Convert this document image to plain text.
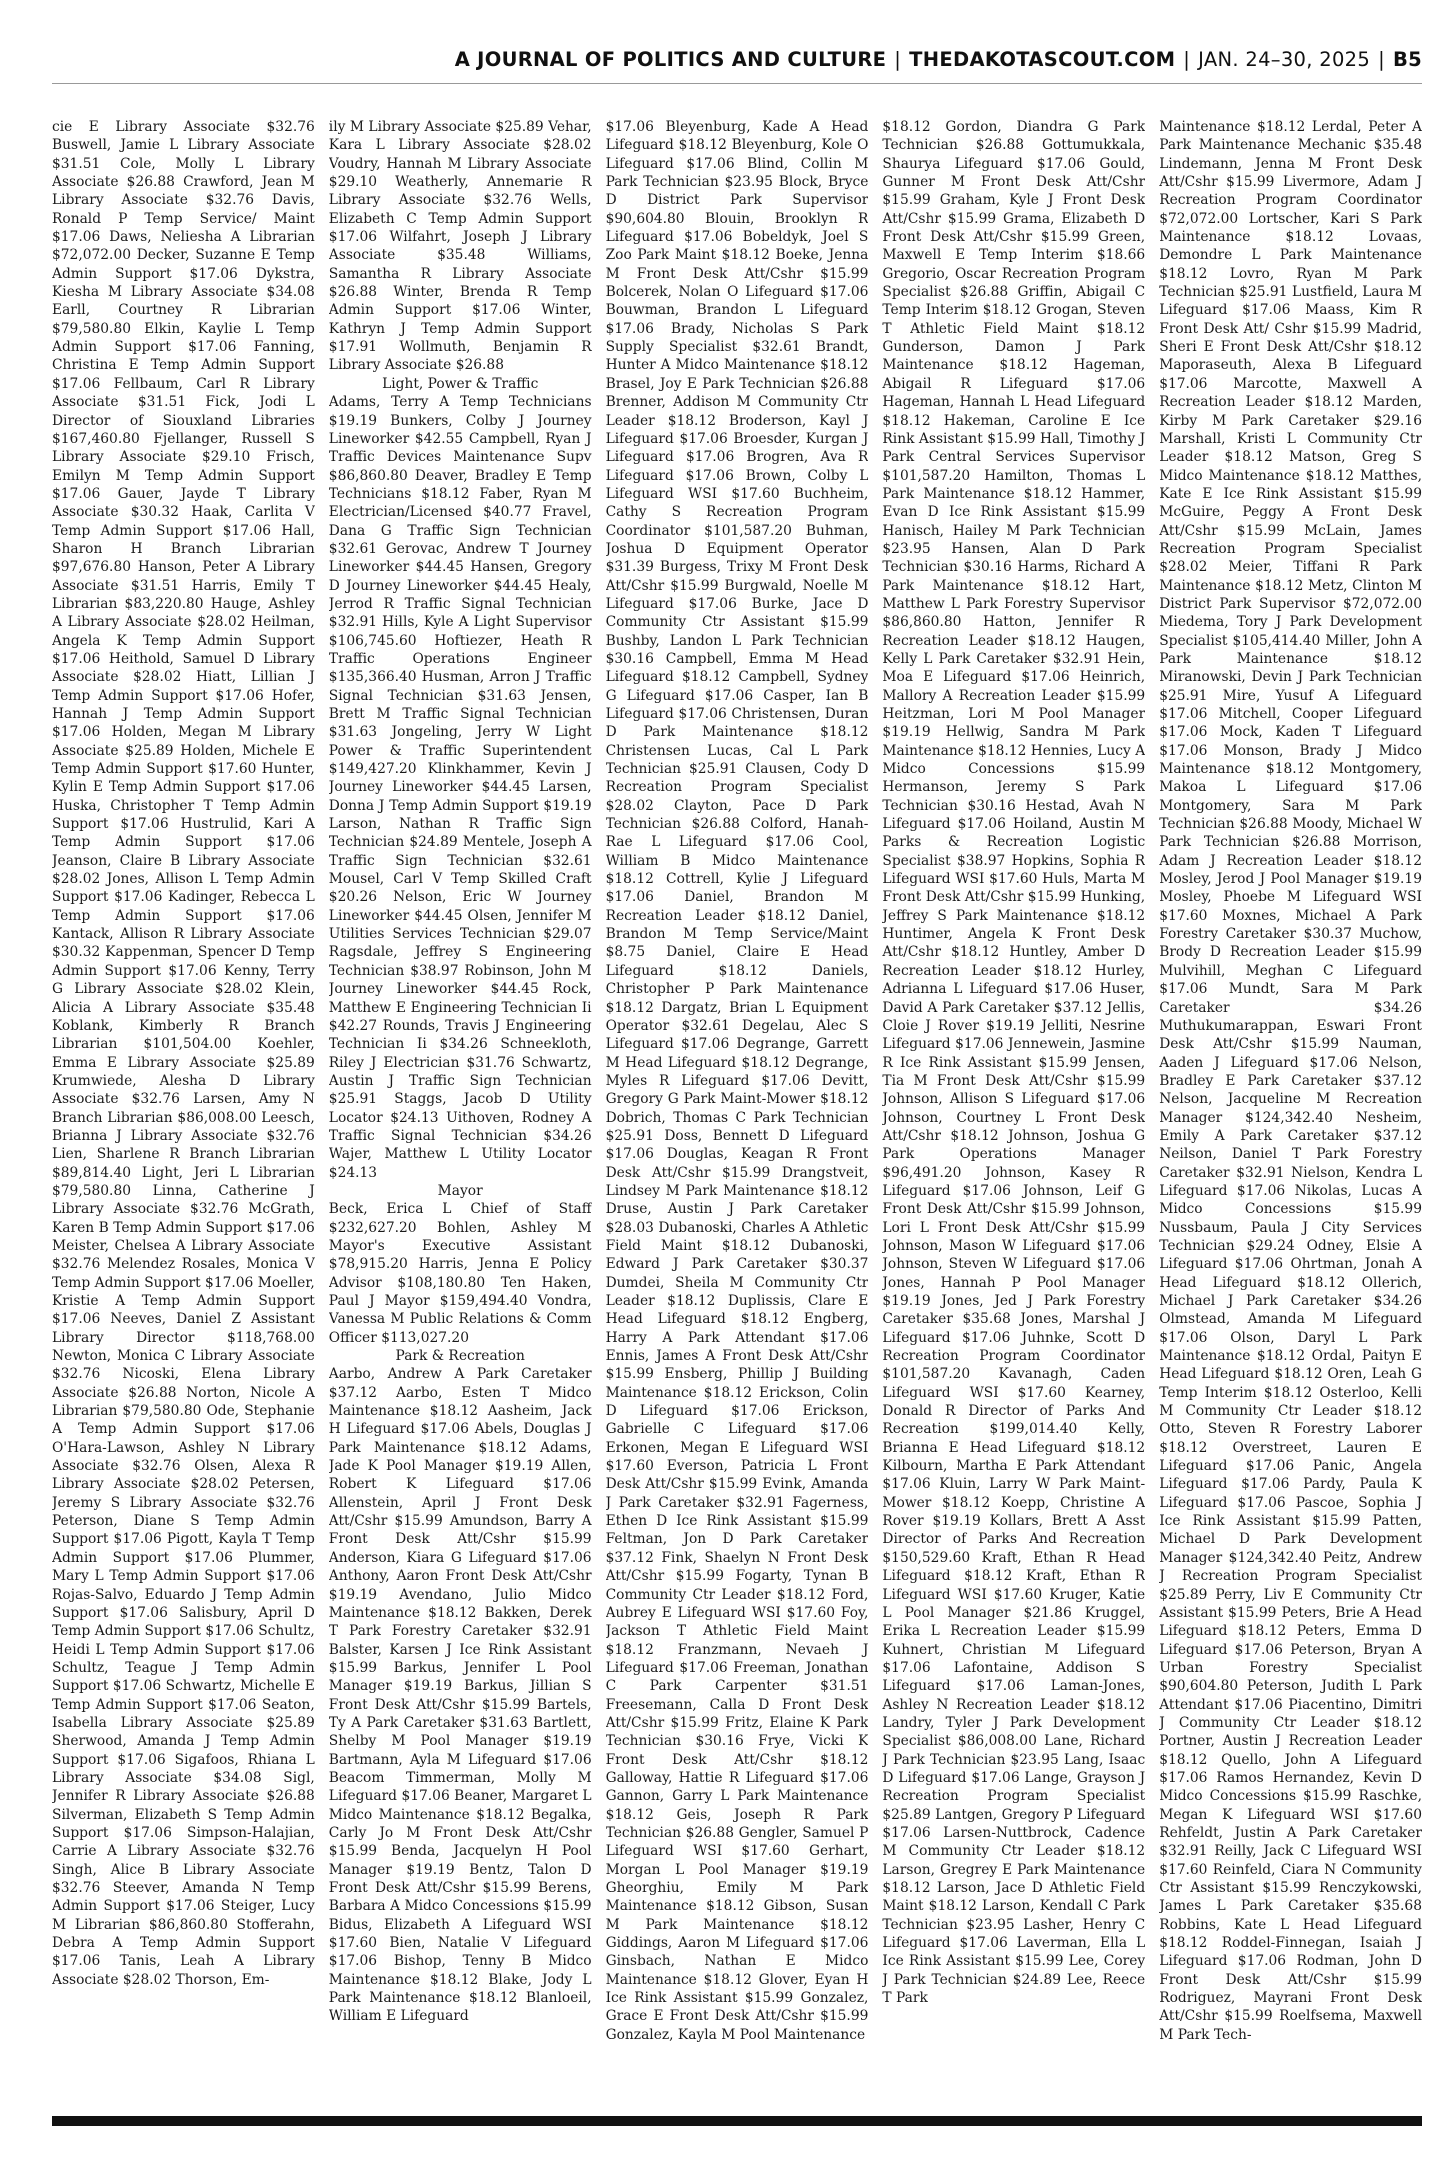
A JOURNAL OF POLITICS AND CULTURE | THEDAKOTASCOUT.COM | JAN. 24–30, 2025 | B5
cie E Library Associate $32.76 Buswell, Jamie L Library Associate $31.51 Cole, Molly L Library Associate $26.88 Crawford, Jean M Library Associate $32.76 Davis, Ronald P Temp Service/ Maint $17.06 Daws, Neliesha A Librarian $72,072.00 Decker, Suzanne E Temp Admin Support $17.06 Dykstra, Kiesha M Library Associate $34.08 Earll, Courtney R Librarian $79,580.80 Elkin, Kaylie L Temp Admin Support $17.06 Fanning, Christina E Temp Admin Support $17.06 Fellbaum, Carl R Library Associate $31.51 Fick, Jodi L Director of Siouxland Libraries $167,460.80 Fjellanger, Russell S Library Associate $29.10 Frisch, Emilyn M Temp Admin Support $17.06 Gauer, Jayde T Library Associate $30.32 Haak, Carlita V Temp Admin Support $17.06 Hall, Sharon H Branch Librarian $97,676.80 Hanson, Peter A Library Associate $31.51 Harris, Emily T Librarian $83,220.80 Hauge, Ashley A Library Associate $28.02 Heilman, Angela K Temp Admin Support $17.06 Heithold, Samuel D Library Associate $28.02 Hiatt, Lillian J Temp Admin Support $17.06 Hofer, Hannah J Temp Admin Support $17.06 Holden, Megan M Library Associate $25.89 Holden, Michele E Temp Admin Support $17.60 Hunter, Kylin E Temp Admin Support $17.06 Huska, Christopher T Temp Admin Support $17.06 Hustrulid, Kari A Temp Admin Support $17.06 Jeanson, Claire B Library Associate $28.02 Jones, Allison L Temp Admin Support $17.06 Kadinger, Rebecca L Temp Admin Support $17.06 Kantack, Allison R Library Associate $30.32 Kappenman, Spencer D Temp Admin Support $17.06 Kenny, Terry G Library Associate $28.02 Klein, Alicia A Library Associate $35.48 Koblank, Kimberly R Branch Librarian $101,504.00 Koehler, Emma E Library Associate $25.89 Krumwiede, Alesha D Library Associate $32.76 Larsen, Amy N Branch Librarian $86,008.00 Leesch, Brianna J Library Associate $32.76 Lien, Sharlene R Branch Librarian $89,814.40 Light, Jeri L Librarian $79,580.80 Linna, Catherine J Library Associate $32.76 McGrath, Karen B Temp Admin Support $17.06 Meister, Chelsea A Library Associate $32.76 Melendez Rosales, Monica V Temp Admin Support $17.06 Moeller, Kristie A Temp Admin Support $17.06 Neeves, Daniel Z Assistant Library Director $118,768.00 Newton, Monica C Library Associate $32.76 Nicoski, Elena Library Associate $26.88 Norton, Nicole A Librarian $79,580.80 Ode, Stephanie A Temp Admin Support $17.06 O'Hara-Lawson, Ashley N Library Associate $32.76 Olsen, Alexa R Library Associate $28.02 Petersen, Jeremy S Library Associate $32.76 Peterson, Diane S Temp Admin Support $17.06 Pigott, Kayla T Temp Admin Support $17.06 Plummer, Mary L Temp Admin Support $17.06 Rojas-Salvo, Eduardo J Temp Admin Support $17.06 Salisbury, April D Temp Admin Support $17.06 Schultz, Heidi L Temp Admin Support $17.06 Schultz, Teague J Temp Admin Support $17.06 Schwartz, Michelle E Temp Admin Support $17.06 Seaton, Isabella Library Associate $25.89 Sherwood, Amanda J Temp Admin Support $17.06 Sigafoos, Rhiana L Library Associate $34.08 Sigl, Jennifer R Library Associate $26.88 Silverman, Elizabeth S Temp Admin Support $17.06 Simpson-Halajian, Carrie A Library Associate $32.76 Singh, Alice B Library Associate $32.76 Steever, Amanda N Temp Admin Support $17.06 Steiger, Lucy M Librarian $86,860.80 Stofferahn, Debra A Temp Admin Support $17.06 Tanis, Leah A Library Associate $28.02 Thorson, Em-
ily M Library Associate $25.89 Vehar, Kara L Library Associate $28.02 Voudry, Hannah M Library Associate $29.10 Weatherly, Annemarie R Library Associate $32.76 Wells, Elizabeth C Temp Admin Support $17.06 Wilfahrt, Joseph J Library Associate $35.48 Williams, Samantha R Library Associate $26.88 Winter, Brenda R Temp Admin Support $17.06 Winter, Kathryn J Temp Admin Support $17.91 Wollmuth, Benjamin R Library Associate $26.88
Light, Power & Traffic
Adams, Terry A Temp Technicians $19.19 Bunkers, Colby J Journey Lineworker $42.55 Campbell, Ryan J Traffic Devices Maintenance Supv $86,860.80 Deaver, Bradley E Temp Technicians $18.12 Faber, Ryan M Electrician/Licensed $40.77 Fravel, Dana G Traffic Sign Technician $32.61 Gerovac, Andrew T Journey Lineworker $44.45 Hansen, Gregory D Journey Lineworker $44.45 Healy, Jerrod R Traffic Signal Technician $32.91 Hills, Kyle A Light Supervisor $106,745.60 Hoftiezer, Heath R Traffic Operations Engineer $135,366.40 Husman, Arron J Traffic Signal Technician $31.63 Jensen, Brett M Traffic Signal Technician $31.63 Jongeling, Jerry W Light Power & Traffic Superintendent $149,427.20 Klinkhammer, Kevin J Journey Lineworker $44.45 Larsen, Donna J Temp Admin Support $19.19 Larson, Nathan R Traffic Sign Technician $24.89 Mentele, Joseph A Traffic Sign Technician $32.61 Mousel, Carl V Temp Skilled Craft $20.26 Nelson, Eric W Journey Lineworker $44.45 Olsen, Jennifer M Utilities Services Technician $29.07 Ragsdale, Jeffrey S Engineering Technician $38.97 Robinson, John M Journey Lineworker $44.45 Rock, Matthew E Engineering Technician Ii $42.27 Rounds, Travis J Engineering Technician Ii $34.26 Schneekloth, Riley J Electrician $31.76 Schwartz, Austin J Traffic Sign Technician $25.91 Staggs, Jacob D Utility Locator $24.13 Uithoven, Rodney A Traffic Signal Technician $34.26 Wajer, Matthew L Utility Locator $24.13
Mayor
Beck, Erica L Chief of Staff $232,627.20 Bohlen, Ashley M Mayor's Executive Assistant $78,915.20 Harris, Jenna E Policy Advisor $108,180.80 Ten Haken, Paul J Mayor $159,494.40 Vondra, Vanessa M Public Relations & Comm Officer $113,027.20
Park & Recreation
Aarbo, Andrew A Park Caretaker $37.12 Aarbo, Esten T Midco Maintenance $18.12 Aasheim, Jack H Lifeguard $17.06 Abels, Douglas J Park Maintenance $18.12 Adams, Jade K Pool Manager $19.19 Allen, Robert K Lifeguard $17.06 Allenstein, April J Front Desk Att/Cshr $15.99 Amundson, Barry A Front Desk Att/Cshr $15.99 Anderson, Kiara G Lifeguard $17.06 Anthony, Aaron Front Desk Att/Cshr $19.19 Avendano, Julio Midco Maintenance $18.12 Bakken, Derek T Park Forestry Caretaker $32.91 Balster, Karsen J Ice Rink Assistant $15.99 Barkus, Jennifer L Pool Manager $19.19 Barkus, Jillian S Front Desk Att/Cshr $15.99 Bartels, Ty A Park Caretaker $31.63 Bartlett, Shelby M Pool Manager $19.19 Bartmann, Ayla M Lifeguard $17.06 Beacom Timmerman, Molly M Lifeguard $17.06 Beaner, Margaret L Midco Maintenance $18.12 Begalka, Carly Jo M Front Desk Att/Cshr $15.99 Benda, Jacquelyn H Pool Manager $19.19 Bentz, Talon D Front Desk Att/Cshr $15.99 Berens, Barbara A Midco Concessions $15.99 Bidus, Elizabeth A Lifeguard WSI $17.60 Bien, Natalie V Lifeguard $17.06 Bishop, Tenny B Midco Maintenance $18.12 Blake, Jody L Park Maintenance $18.12 Blanloeil, William E Lifeguard
$17.06 Bleyenburg, Kade A Head Lifeguard $18.12 Bleyenburg, Kole O Lifeguard $17.06 Blind, Collin M Park Technician $23.95 Block, Bryce D District Park Supervisor $90,604.80 Blouin, Brooklyn R Lifeguard $17.06 Bobeldyk, Joel S Zoo Park Maint $18.12 Boeke, Jenna M Front Desk Att/Cshr $15.99 Bolcerek, Nolan O Lifeguard $17.06 Bouwman, Brandon L Lifeguard $17.06 Brady, Nicholas S Park Supply Specialist $32.61 Brandt, Hunter A Midco Maintenance $18.12 Brasel, Joy E Park Technician $26.88 Brenner, Addison M Community Ctr Leader $18.12 Broderson, Kayl J Lifeguard $17.06 Broesder, Kurgan J Lifeguard $17.06 Brogren, Ava R Lifeguard $17.06 Brown, Colby L Lifeguard WSI $17.60 Buchheim, Cathy S Recreation Program Coordinator $101,587.20 Buhman, Joshua D Equipment Operator $31.39 Burgess, Trixy M Front Desk Att/Cshr $15.99 Burgwald, Noelle M Lifeguard $17.06 Burke, Jace D Community Ctr Assistant $15.99 Bushby, Landon L Park Technician $30.16 Campbell, Emma M Head Lifeguard $18.12 Campbell, Sydney G Lifeguard $17.06 Casper, Ian B Lifeguard $17.06 Christensen, Duran D Park Maintenance $18.12 Christensen Lucas, Cal L Park Technician $25.91 Clausen, Cody D Recreation Program Specialist $28.02 Clayton, Pace D Park Technician $26.88 Colford, Hanah-Rae L Lifeguard $17.06 Cool, William B Midco Maintenance $18.12 Cottrell, Kylie J Lifeguard $17.06 Daniel, Brandon M Recreation Leader $18.12 Daniel, Brandon M Temp Service/Maint $8.75 Daniel, Claire E Head Lifeguard $18.12 Daniels, Christopher P Park Maintenance $18.12 Dargatz, Brian L Equipment Operator $32.61 Degelau, Alec S Lifeguard $17.06 Degrange, Garrett M Head Lifeguard $18.12 Degrange, Myles R Lifeguard $17.06 Devitt, Gregory G Park Maint-Mower $18.12 Dobrich, Thomas C Park Technician $25.91 Doss, Bennett D Lifeguard $17.06 Douglas, Keagan R Front Desk Att/Cshr $15.99 Drangstveit, Lindsey M Park Maintenance $18.12 Druse, Austin J Park Caretaker $28.03 Dubanoski, Charles A Athletic Field Maint $18.12 Dubanoski, Edward J Park Caretaker $30.37 Dumdei, Sheila M Community Ctr Leader $18.12 Duplissis, Clare E Head Lifeguard $18.12 Engberg, Harry A Park Attendant $17.06 Ennis, James A Front Desk Att/Cshr $15.99 Ensberg, Phillip J Building Maintenance $18.12 Erickson, Colin D Lifeguard $17.06 Erickson, Gabrielle C Lifeguard $17.06 Erkonen, Megan E Lifeguard WSI $17.60 Everson, Patricia L Front Desk Att/Cshr $15.99 Evink, Amanda J Park Caretaker $32.91 Fagerness, Ethen D Ice Rink Assistant $15.99 Feltman, Jon D Park Caretaker $37.12 Fink, Shaelyn N Front Desk Att/Cshr $15.99 Fogarty, Tynan B Community Ctr Leader $18.12 Ford, Aubrey E Lifeguard WSI $17.60 Foy, Jackson T Athletic Field Maint $18.12 Franzmann, Nevaeh J Lifeguard $17.06 Freeman, Jonathan C Park Carpenter $31.51 Freesemann, Calla D Front Desk Att/Cshr $15.99 Fritz, Elaine K Park Technician $30.16 Frye, Vicki K Front Desk Att/Cshr $18.12 Galloway, Hattie R Lifeguard $17.06 Gannon, Garry L Park Maintenance $18.12 Geis, Joseph R Park Technician $26.88 Gengler, Samuel P Lifeguard WSI $17.60 Gerhart, Morgan L Pool Manager $19.19 Gheorghiu, Emily M Park Maintenance $18.12 Gibson, Susan M Park Maintenance $18.12 Giddings, Aaron M Lifeguard $17.06 Ginsbach, Nathan E Midco Maintenance $18.12 Glover, Eyan H Ice Rink Assistant $15.99 Gonzalez, Grace E Front Desk Att/Cshr $15.99 Gonzalez, Kayla M Pool Maintenance
$18.12 Gordon, Diandra G Park Technician $26.88 Gottumukkala, Shaurya Lifeguard $17.06 Gould, Gunner M Front Desk Att/Cshr $15.99 Graham, Kyle J Front Desk Att/Cshr $15.99 Grama, Elizabeth D Front Desk Att/Cshr $15.99 Green, Maxwell E Temp Interim $18.66 Gregorio, Oscar Recreation Program Specialist $26.88 Griffin, Abigail C Temp Interim $18.12 Grogan, Steven T Athletic Field Maint $18.12 Gunderson, Damon J Park Maintenance $18.12 Hageman, Abigail R Lifeguard $17.06 Hageman, Hannah L Head Lifeguard $18.12 Hakeman, Caroline E Ice Rink Assistant $15.99 Hall, Timothy J Park Central Services Supervisor $101,587.20 Hamilton, Thomas L Park Maintenance $18.12 Hammer, Evan D Ice Rink Assistant $15.99 Hanisch, Hailey M Park Technician $23.95 Hansen, Alan D Park Technician $30.16 Harms, Richard A Park Maintenance $18.12 Hart, Matthew L Park Forestry Supervisor $86,860.80 Hatton, Jennifer R Recreation Leader $18.12 Haugen, Kelly L Park Caretaker $32.91 Hein, Moa E Lifeguard $17.06 Heinrich, Mallory A Recreation Leader $15.99 Heitzman, Lori M Pool Manager $19.19 Hellwig, Sandra M Park Maintenance $18.12 Hennies, Lucy A Midco Concessions $15.99 Hermanson, Jeremy S Park Technician $30.16 Hestad, Avah N Lifeguard $17.06 Hoiland, Austin M Parks & Recreation Logistic Specialist $38.97 Hopkins, Sophia R Lifeguard WSI $17.60 Huls, Marta M Front Desk Att/Cshr $15.99 Hunking, Jeffrey S Park Maintenance $18.12 Huntimer, Angela K Front Desk Att/Cshr $18.12 Huntley, Amber D Recreation Leader $18.12 Hurley, Adrianna L Lifeguard $17.06 Huser, David A Park Caretaker $37.12 Jellis, Cloie J Rover $19.19 Jelliti, Nesrine Lifeguard $17.06 Jennewein, Jasmine R Ice Rink Assistant $15.99 Jensen, Tia M Front Desk Att/Cshr $15.99 Johnson, Allison S Lifeguard $17.06 Johnson, Courtney L Front Desk Att/Cshr $18.12 Johnson, Joshua G Park Operations Manager $96,491.20 Johnson, Kasey R Lifeguard $17.06 Johnson, Leif G Front Desk Att/Cshr $15.99 Johnson, Lori L Front Desk Att/Cshr $15.99 Johnson, Mason W Lifeguard $17.06 Johnson, Steven W Lifeguard $17.06 Jones, Hannah P Pool Manager $19.19 Jones, Jed J Park Forestry Caretaker $35.68 Jones, Marshal J Lifeguard $17.06 Juhnke, Scott D Recreation Program Coordinator $101,587.20 Kavanagh, Caden Lifeguard WSI $17.60 Kearney, Donald R Director of Parks And Recreation $199,014.40 Kelly, Brianna E Head Lifeguard $18.12 Kilbourn, Martha E Park Attendant $17.06 Kluin, Larry W Park Maint-Mower $18.12 Koepp, Christine A Rover $19.19 Kollars, Brett A Asst Director of Parks And Recreation $150,529.60 Kraft, Ethan R Head Lifeguard $18.12 Kraft, Ethan R Lifeguard WSI $17.60 Kruger, Katie L Pool Manager $21.86 Kruggel, Erika L Recreation Leader $15.99 Kuhnert, Christian M Lifeguard $17.06 Lafontaine, Addison S Lifeguard $17.06 Laman-Jones, Ashley N Recreation Leader $18.12 Landry, Tyler J Park Development Specialist $86,008.00 Lane, Richard J Park Technician $23.95 Lang, Isaac D Lifeguard $17.06 Lange, Grayson J Recreation Program Specialist $25.89 Lantgen, Gregory P Lifeguard $17.06 Larsen-Nuttbrock, Cadence M Community Ctr Leader $18.12 Larson, Gregrey E Park Maintenance $18.12 Larson, Jace D Athletic Field Maint $18.12 Larson, Kendall C Park Technician $23.95 Lasher, Henry C Lifeguard $17.06 Laverman, Ella L Ice Rink Assistant $15.99 Lee, Corey J Park Technician $24.89 Lee, Reece T Park
Maintenance $18.12 Lerdal, Peter A Park Maintenance Mechanic $35.48 Lindemann, Jenna M Front Desk Att/Cshr $15.99 Livermore, Adam J Recreation Program Coordinator $72,072.00 Lortscher, Kari S Park Maintenance $18.12 Lovaas, Demondre L Park Maintenance $18.12 Lovro, Ryan M Park Technician $25.91 Lustfield, Laura M Lifeguard $17.06 Maass, Kim R Front Desk Att/ Cshr $15.99 Madrid, Sheri E Front Desk Att/Cshr $18.12 Maporaseuth, Alexa B Lifeguard $17.06 Marcotte, Maxwell A Recreation Leader $18.12 Marden, Kirby M Park Caretaker $29.16 Marshall, Kristi L Community Ctr Leader $18.12 Matson, Greg S Midco Maintenance $18.12 Matthes, Kate E Ice Rink Assistant $15.99 McGuire, Peggy A Front Desk Att/Cshr $15.99 McLain, James Recreation Program Specialist $28.02 Meier, Tiffani R Park Maintenance $18.12 Metz, Clinton M District Park Supervisor $72,072.00 Miedema, Tory J Park Development Specialist $105,414.40 Miller, John A Park Maintenance $18.12 Miranowski, Devin J Park Technician $25.91 Mire, Yusuf A Lifeguard $17.06 Mitchell, Cooper Lifeguard $17.06 Mock, Kaden T Lifeguard $17.06 Monson, Brady J Midco Maintenance $18.12 Montgomery, Makoa L Lifeguard $17.06 Montgomery, Sara M Park Technician $26.88 Moody, Michael W Park Technician $26.88 Morrison, Adam J Recreation Leader $18.12 Mosley, Jerod J Pool Manager $19.19 Mosley, Phoebe M Lifeguard WSI $17.60 Moxnes, Michael A Park Forestry Caretaker $30.37 Muchow, Brody D Recreation Leader $15.99 Mulvihill, Meghan C Lifeguard $17.06 Mundt, Sara M Park Caretaker $34.26 Muthukumarappan, Eswari Front Desk Att/Cshr $15.99 Nauman, Aaden J Lifeguard $17.06 Nelson, Bradley E Park Caretaker $37.12 Nelson, Jacqueline M Recreation Manager $124,342.40 Nesheim, Emily A Park Caretaker $37.12 Neilson, Daniel T Park Forestry Caretaker $32.91 Nielson, Kendra L Lifeguard $17.06 Nikolas, Lucas A Midco Concessions $15.99 Nussbaum, Paula J City Services Technician $29.24 Odney, Elsie A Lifeguard $17.06 Ohrtman, Jonah A Head Lifeguard $18.12 Ollerich, Michael J Park Caretaker $34.26 Olmstead, Amanda M Lifeguard $17.06 Olson, Daryl L Park Maintenance $18.12 Ordal, Paityn E Head Lifeguard $18.12 Oren, Leah G Temp Interim $18.12 Osterloo, Kelli M Community Ctr Leader $18.12 Otto, Steven R Forestry Laborer $18.12 Overstreet, Lauren E Lifeguard $17.06 Panic, Angela Lifeguard $17.06 Pardy, Paula K Lifeguard $17.06 Pascoe, Sophia J Ice Rink Assistant $15.99 Patten, Michael D Park Development Manager $124,342.40 Peitz, Andrew J Recreation Program Specialist $25.89 Perry, Liv E Community Ctr Assistant $15.99 Peters, Brie A Head Lifeguard $18.12 Peters, Emma D Lifeguard $17.06 Peterson, Bryan A Urban Forestry Specialist $90,604.80 Peterson, Judith L Park Attendant $17.06 Piacentino, Dimitri J Community Ctr Leader $18.12 Portner, Austin J Recreation Leader $18.12 Quello, John A Lifeguard $17.06 Ramos Hernandez, Kevin D Midco Concessions $15.99 Raschke, Megan K Lifeguard WSI $17.60 Rehfeldt, Justin A Park Caretaker $32.91 Reilly, Jack C Lifeguard WSI $17.60 Reinfeld, Ciara N Community Ctr Assistant $15.99 Renczykowski, James L Park Caretaker $35.68 Robbins, Kate L Head Lifeguard $18.12 Roddel-Finnegan, Isaiah J Lifeguard $17.06 Rodman, John D Front Desk Att/Cshr $15.99 Rodriguez, Mayrani Front Desk Att/Cshr $15.99 Roelfsema, Maxwell M Park Tech-
